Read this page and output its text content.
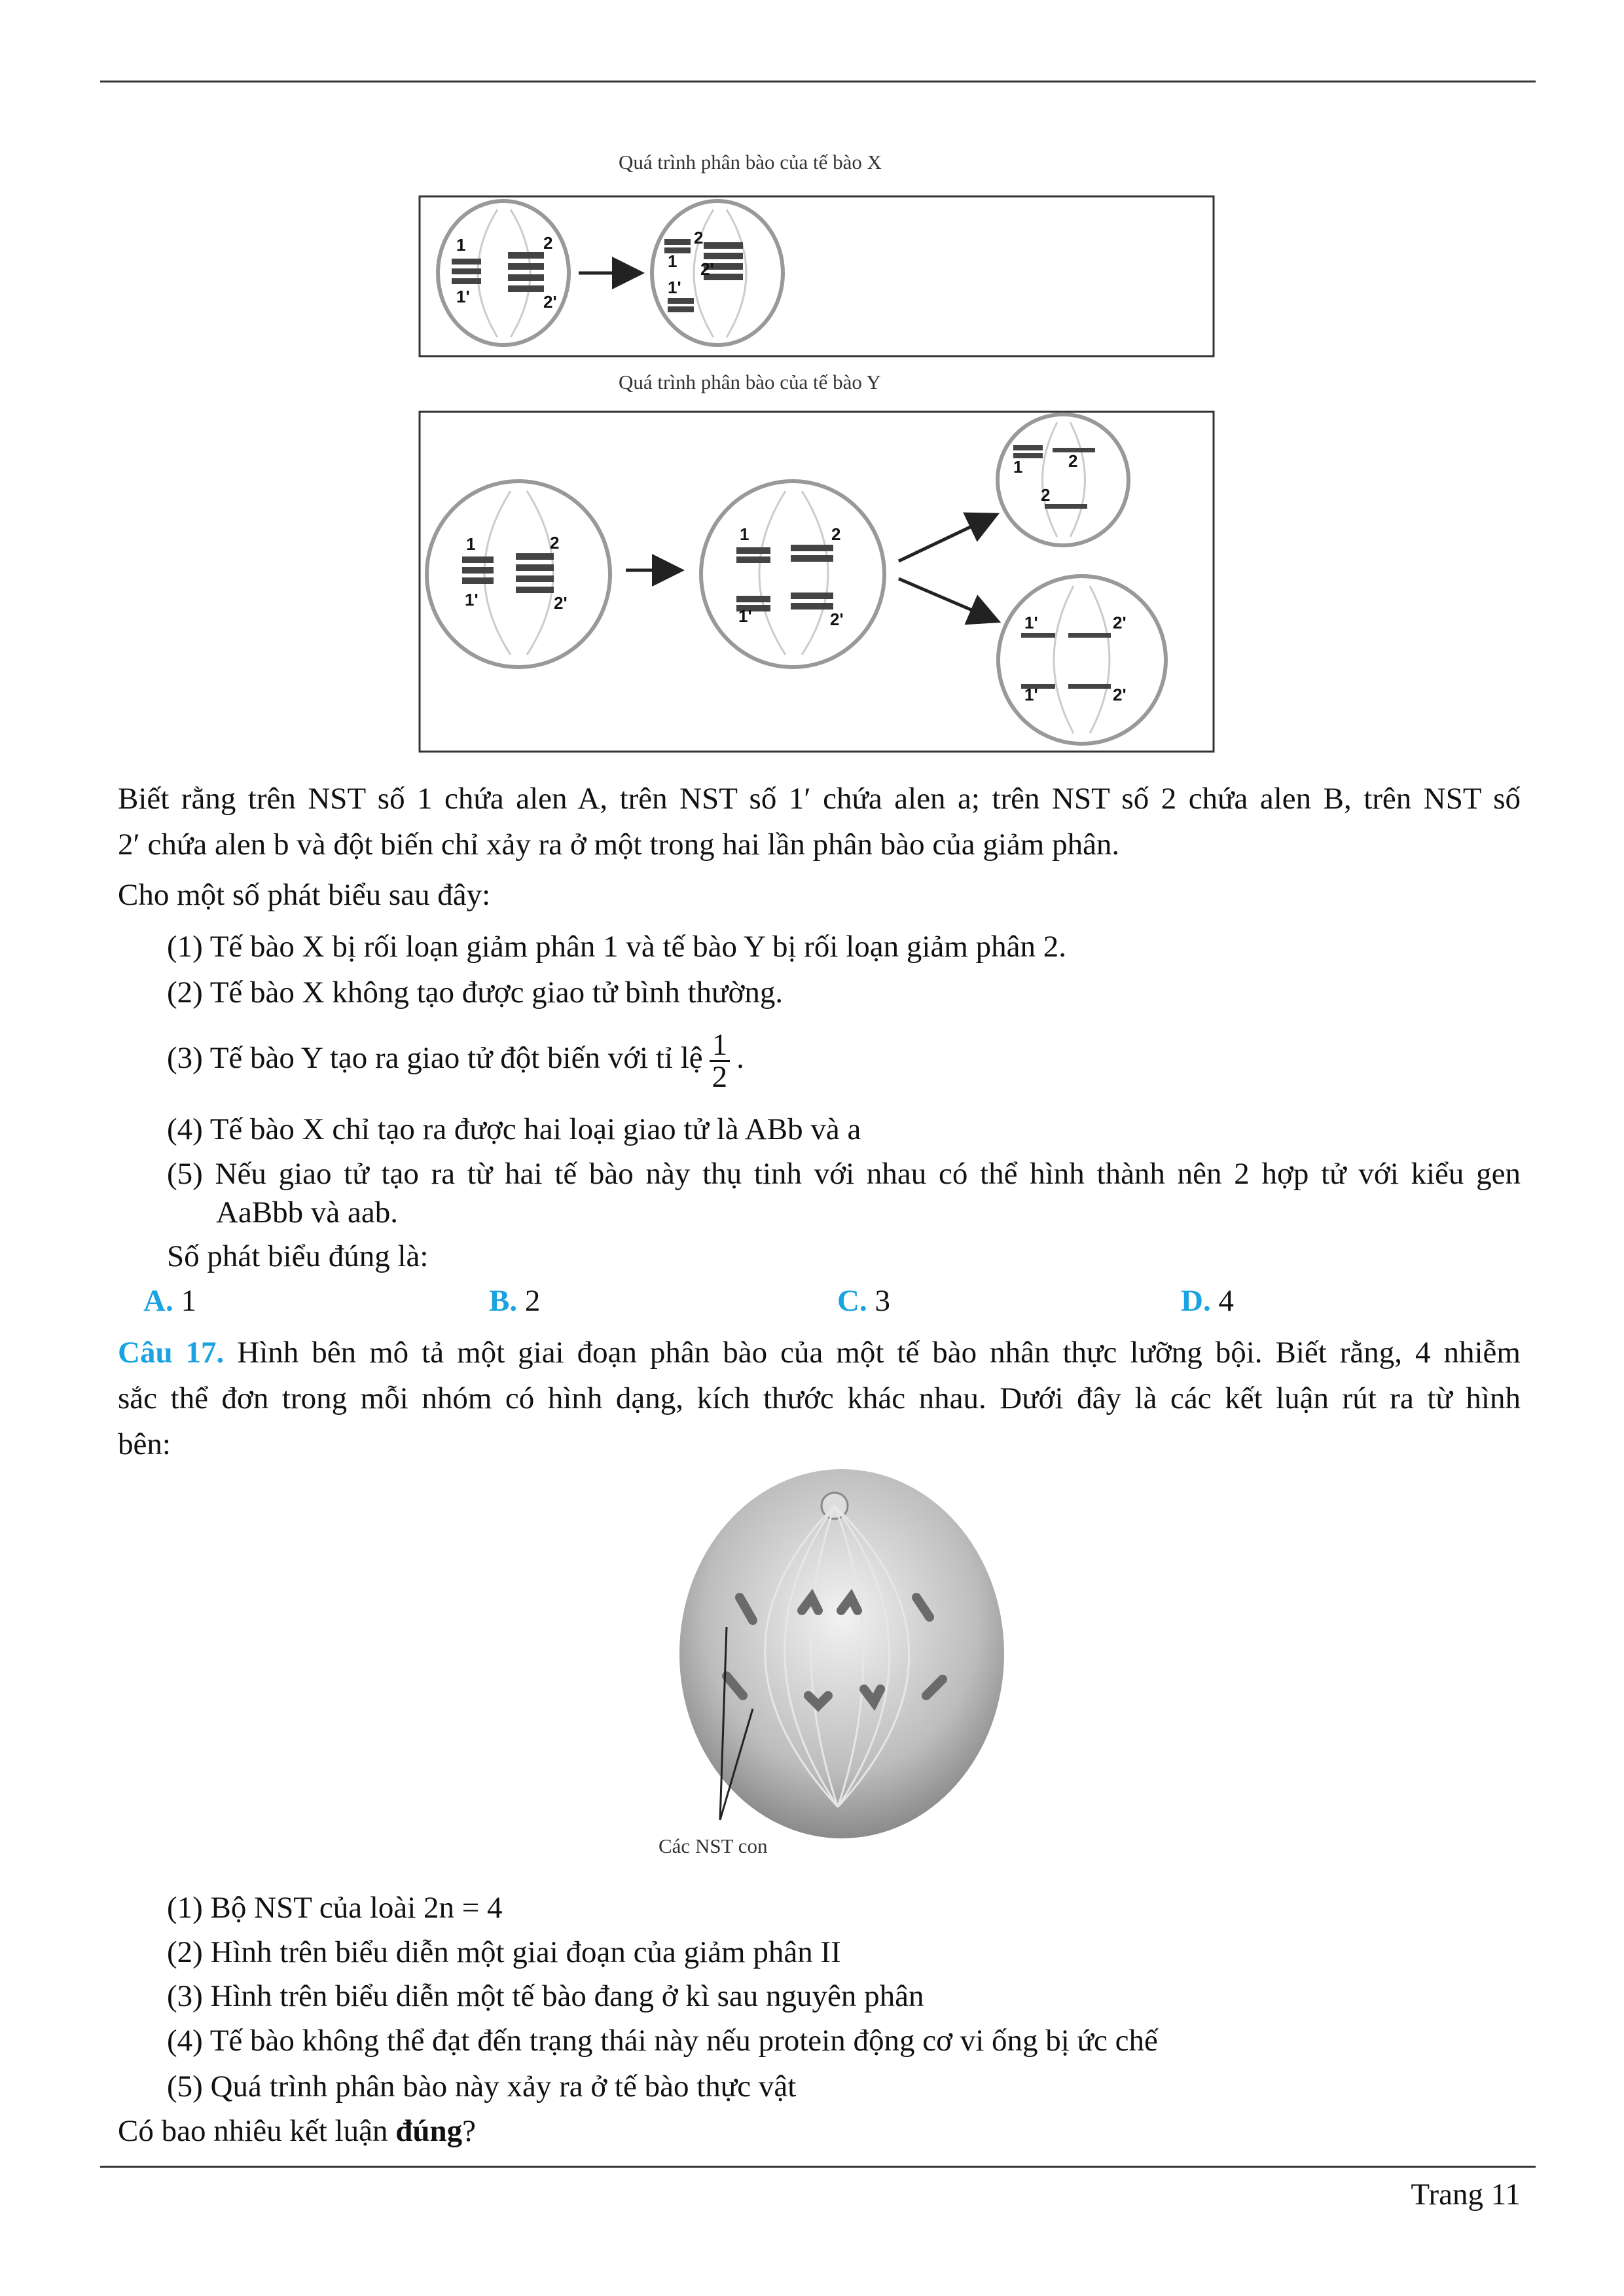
Quá trình phân bào của tế bào X
Quá trình phân bào của tế bào Y
1	2
1'	2'
1
2
2'
1'
1	2
1'	2'
1	2
1'	2'
1	2
2
1'	2'
1'	2'
Biết rằng trên NST số 1 chứa alen A, trên NST số 1′ chứa alen a; trên NST số 2 chứa alen B, trên NST số
2′ chứa alen b và đột biến chỉ xảy ra ở một trong hai lần phân bào của giảm phân.
Cho một số phát biểu sau đây:
(1) Tế bào X bị rối loạn giảm phân 1 và tế bào Y bị rối loạn giảm phân 2.
(2) Tế bào X không tạo được giao tử bình thường.
(3) Tế bào Y tạo ra giao tử đột biến với tỉ lệ $\frac{1}{2}$ .
(4) Tế bào X chỉ tạo ra được hai loại giao tử là ABb và a
(5) Nếu giao tử tạo ra từ hai tế bào này thụ tinh với nhau có thể hình thành nên 2 hợp tử với kiểu gen
AaBbb và aab.
Số phát biểu đúng là:
A. 1	B. 2	C. 3	D. 4
Câu 17. Hình bên mô tả một giai đoạn phân bào của một tế bào nhân thực lưỡng bội. Biết rằng, 4 nhiễm
sắc thể đơn trong mỗi nhóm có hình dạng, kích thước khác nhau. Dưới đây là các kết luận rút ra từ hình
bên:
Các NST con
(1) Bộ NST của loài 2n = 4
(2) Hình trên biểu diễn một giai đoạn của giảm phân II
(3) Hình trên biểu diễn một tế bào đang ở kì sau nguyên phân
(4) Tế bào không thể đạt đến trạng thái này nếu protein động cơ vi ống bị ức chế
(5) Quá trình phân bào này xảy ra ở tế bào thực vật
Có bao nhiêu kết luận đúng?
Trang 11
